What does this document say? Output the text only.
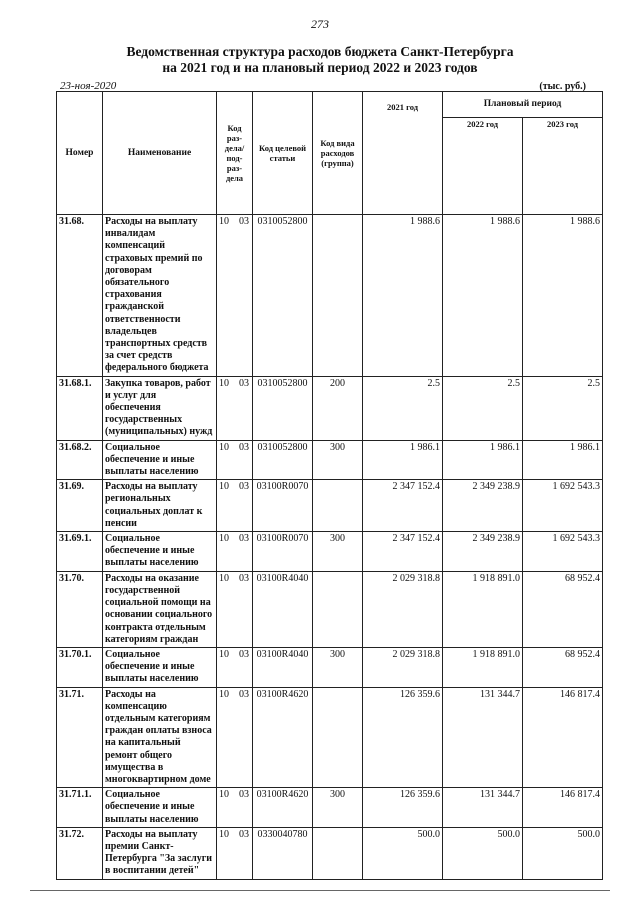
273
Ведомственная структура расходов бюджета Санкт-Петербурга
на 2021 год и на плановый период 2022 и 2023 годов
23-ноя-2020	(тыс. руб.)
Номер	Наименование	Код раз- дела/ под- раз- дела	Код целевой статьи	Код вида расходов (группа)	2021 год	Плановый период	
						2022 год	2023 год
31.68.	Расходы на выплату инвалидам компенсаций страховых премий по договорам обязательного страхования гражданской ответственности владельцев транспортных средств за счет средств федерального бюджета	10 03	0310052800		1 988.6	1 988.6	1 988.6
31.68.1.	Закупка товаров, работ и услуг для обеспечения государственных (муниципальных) нужд	10 03	0310052800	200	2.5	2.5	2.5
31.68.2.	Социальное обеспечение и иные выплаты населению	10 03	0310052800	300	1 986.1	1 986.1	1 986.1
31.69.	Расходы на выплату региональных социальных доплат к пенсии	10 03	03100R0070		2 347 152.4	2 349 238.9	1 692 543.3
31.69.1.	Социальное обеспечение и иные выплаты населению	10 03	03100R0070	300	2 347 152.4	2 349 238.9	1 692 543.3
31.70.	Расходы на оказание государственной социальной помощи на основании социального контракта отдельным категориям граждан	10 03	03100R4040		2 029 318.8	1 918 891.0	68 952.4
31.70.1.	Социальное обеспечение и иные выплаты населению	10 03	03100R4040	300	2 029 318.8	1 918 891.0	68 952.4
31.71.	Расходы на компенсацию отдельным категориям граждан оплаты взноса на капитальный ремонт общего имущества в многоквартирном доме	10 03	03100R4620		126 359.6	131 344.7	146 817.4
31.71.1.	Социальное обеспечение и иные выплаты населению	10 03	03100R4620	300	126 359.6	131 344.7	146 817.4
31.72.	Расходы на выплату премии Санкт-Петербурга "За заслуги в воспитании детей"	10 03	0330040780		500.0	500.0	500.0
